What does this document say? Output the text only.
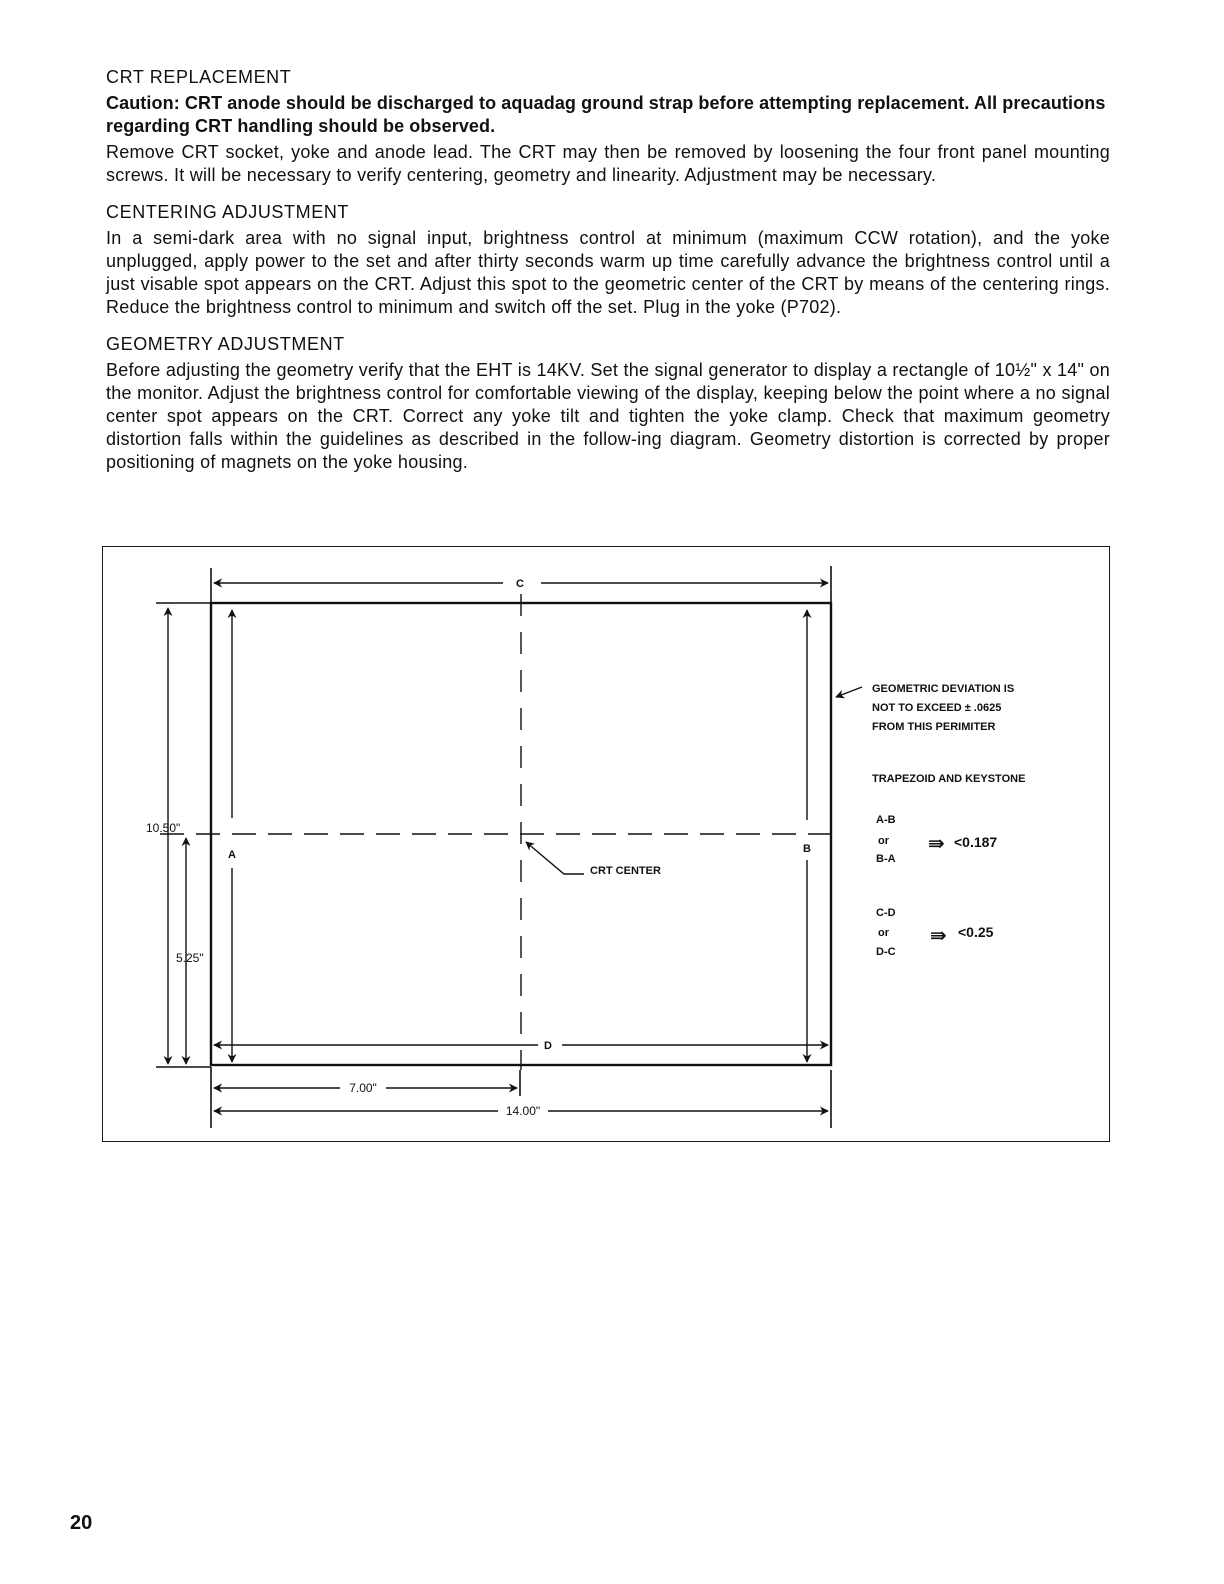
CRT REPLACEMENT

Caution: CRT anode should be discharged to aquadag ground strap before attempting replacement. All precautions regarding CRT handling should be observed.

Remove CRT socket, yoke and anode lead. The CRT may then be removed by loosening the four front panel mounting screws. It will be necessary to verify centering, geometry and linearity. Adjustment may be necessary.

CENTERING ADJUSTMENT

In a semi-dark area with no signal input, brightness control at minimum (maximum CCW rotation), and the yoke unplugged, apply power to the set and after thirty seconds warm up time carefully advance the brightness control until a just visable spot appears on the CRT. Adjust this spot to the geometric center of the CRT by means of the centering rings. Reduce the brightness control to minimum and switch off the set. Plug in the yoke (P702).

GEOMETRY ADJUSTMENT

Before adjusting the geometry verify that the EHT is 14KV. Set the signal generator to display a rectangle of 10½" x 14" on the monitor. Adjust the brightness control for comfortable viewing of the display, keeping below the point where a no signal center spot appears on the CRT. Correct any yoke tilt and tighten the yoke clamp. Check that maximum geometry distortion falls within the guidelines as described in the follow-ing diagram. Geometry distortion is corrected by proper positioning of magnets on the yoke housing.

C
D
A	B
10.50"
5.25"
7.00"
14.00"
CRT CENTER
GEOMETRIC DEVIATION IS
NOT TO EXCEED ± .0625
FROM THIS PERIMITER
TRAPEZOID AND KEYSTONE
A-B
or
B-A
⇛ <0.187
C-D
or
D-C
⇛ <0.25
20
